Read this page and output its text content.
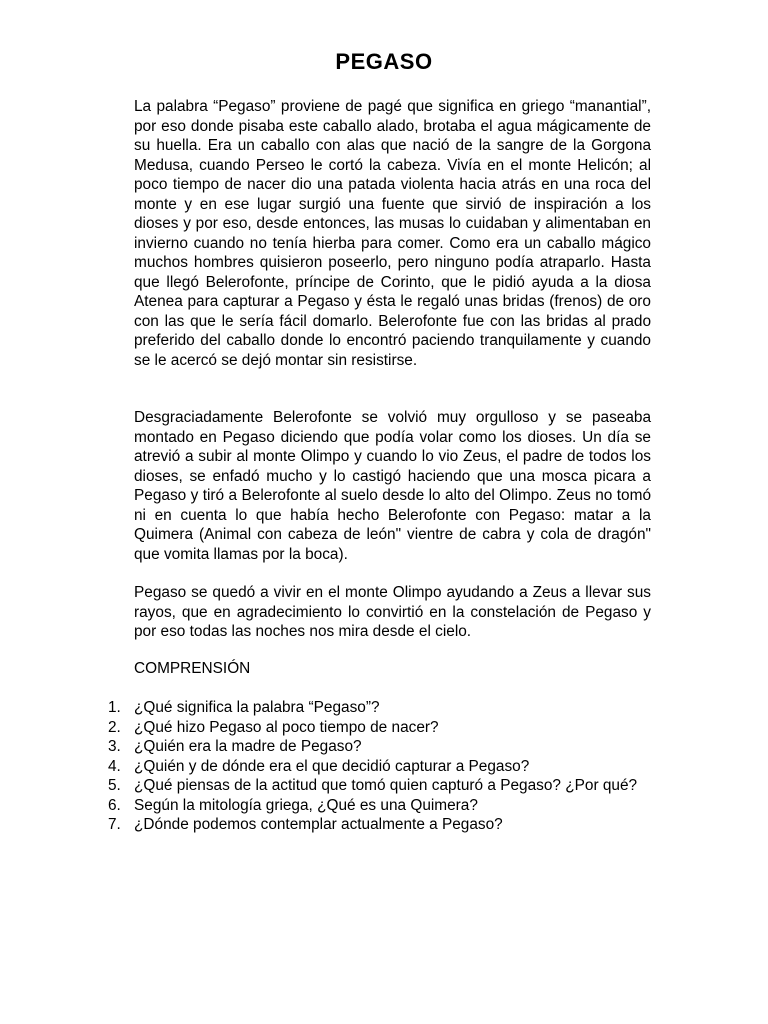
PEGASO

La palabra “Pegaso” proviene de pagé que significa en griego “manantial”, por eso donde pisaba este caballo alado, brotaba el agua mágicamente de su huella. Era un caballo con alas que nació de la sangre de la Gorgona Medusa, cuando Perseo le cortó la cabeza. Vivía en el monte Helicón; al poco tiempo de nacer dio una patada violenta hacia atrás en una roca del monte y en ese lugar surgió una fuente que sirvió de inspiración a los dioses y por eso, desde entonces, las musas lo cuidaban y alimentaban en invierno cuando no tenía hierba para comer. Como era un caballo mágico muchos hombres quisieron poseerlo, pero ninguno podía atraparlo. Hasta que llegó Belerofonte, príncipe de Corinto, que le pidió ayuda a la diosa Atenea para capturar a Pegaso y ésta le regaló unas bridas (frenos) de oro con las que le sería fácil domarlo. Belerofonte fue con las bridas al prado preferido del caballo donde lo encontró paciendo tranquilamente y cuando se le acercó se dejó montar sin resistirse.

Desgraciadamente Belerofonte se volvió muy orgulloso y se paseaba montado en Pegaso diciendo que podía volar como los dioses. Un día se atrevió a subir al monte Olimpo y cuando lo vio Zeus, el padre de todos los dioses, se enfadó mucho y lo castigó haciendo que una mosca picara a Pegaso y tiró a Belerofonte al suelo desde lo alto del Olimpo. Zeus no tomó ni en cuenta lo que había hecho Belerofonte con Pegaso: matar a la Quimera (Animal con cabeza de león" vientre de cabra y cola de dragón" que vomita llamas por la boca).

Pegaso se quedó a vivir en el monte Olimpo ayudando a Zeus a llevar sus rayos, que en agradecimiento lo convirtió en la constelación de Pegaso y por eso todas las noches nos mira desde el cielo.

COMPRENSIÓN

1. ¿Qué significa la palabra “Pegaso”?
2. ¿Qué hizo Pegaso al poco tiempo de nacer?
3. ¿Quién era la madre de Pegaso?
4. ¿Quién y de dónde era el que decidió capturar a Pegaso?
5. ¿Qué piensas de la actitud que tomó quien capturó a Pegaso? ¿Por qué?
6. Según la mitología griega, ¿Qué es una Quimera?
7. ¿Dónde podemos contemplar actualmente a Pegaso?
